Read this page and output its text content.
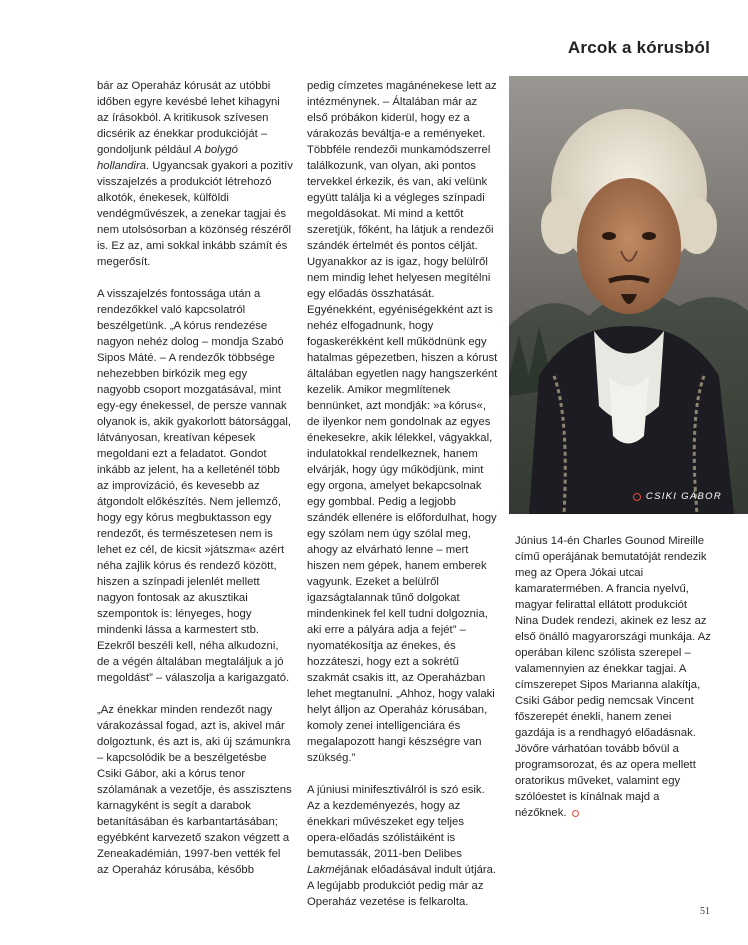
Arcok a kórusból

bár az Operaház kórusát az utóbbi időben egyre kevésbé lehet kihagyni az írásokból. A kritikusok szívesen dicsérik az énekkar produkcióját – gondoljunk például A bolygó hollandira. Ugyancsak gyakori a pozitív visszajelzés a produkciót létrehozó alkotók, énekesek, külföldi vendégművészek, a zenekar tagjai és nem utolsósorban a közönség részéről is. Ez az, ami sokkal inkább számít és megerősít.

A visszajelzés fontossága után a rendezőkkel való kapcsolatról beszélgetünk. „A kórus rendezése nagyon nehéz dolog – mondja Szabó Sipos Máté. – A rendezők többsége nehezebben birkózik meg egy nagyobb csoport mozgatásával, mint egy-egy énekessel, de persze vannak olyanok is, akik gyakorlott bátorsággal, látványosan, kreatívan képesek megoldani ezt a feladatot. Gondot inkább az jelent, ha a kelleténél több az improvizáció, és kevesebb az átgondolt előkészítés. Nem jellemző, hogy egy kórus megbuktasson egy rendezőt, és természetesen nem is lehet ez cél, de kicsit »játszma« azért néha zajlik kórus és rendező között, hiszen a színpadi jelenlét mellett nagyon fontosak az akusztikai szempontok is: lényeges, hogy mindenki lássa a karmestert stb. Ezekről beszéli kell, néha alkudozni, de a végén általában megtaláljuk a jó megoldást” – válaszolja a karigazgató.

„Az énekkar minden rendezőt nagy várakozással fogad, azt is, akivel már dolgoztunk, és azt is, aki új számunkra – kapcsolódik be a beszélgetésbe Csiki Gábor, aki a kórus tenor szólamának a vezetője, és asszisztens karnagyként is segít a darabok betanításában és karbantartásában; egyébként karvezető szakon végzett a Zeneakadémián, 1997-ben vették fel az Operaház kórusába, később

pedig címzetes magánénekese lett az intézménynek. – Általában már az első próbákon kiderül, hogy ez a várakozás beváltja-e a reményeket. Többféle rendezői munkamódszerrel találkozunk, van olyan, aki pontos tervekkel érkezik, és van, aki velünk együtt találja ki a végleges színpadi megoldásokat. Mi mind a kettőt szeretjük, főként, ha látjuk a rendezői szándék értelmét és pontos célját. Ugyanakkor az is igaz, hogy belülről nem mindig lehet helyesen megítélni egy előadás összhatását. Egyénekként, egyéniségekként azt is nehéz elfogadnunk, hogy fogaskerékként kell működnünk egy hatalmas gépezetben, hiszen a kórust általában egyetlen nagy hangszerként kezelik. Amikor megmlítenek bennünket, azt mondják: »a kórus«, de ilyenkor nem gondolnak az egyes énekesekre, akik lélekkel, vágyakkal, indulatokkal rendelkeznek, hanem elvárják, hogy úgy működjünk, mint egy orgona, amelyet bekapcsolnak egy gombbal. Pedig a legjobb szándék ellenére is előfordulhat, hogy egy szólam nem úgy szólal meg, ahogy az elvárható lenne – mert hiszen nem gépek, hanem emberek vagyunk. Ezeket a belülről igazságtalannak tűnő dolgokat mindenkinek fel kell tudni dolgoznia, aki erre a pályára adja a fejét” – nyomatékosítja az énekes, és hozzáteszi, hogy ezt a sokrétű szakmát csakis itt, az Operaházban lehet megtanulni. „Ahhoz, hogy valaki helyt álljon az Operaház kórusában, komoly zenei intelligenciára és megalapozott hangi készségre van szükség.”

A júniusi minifesztiválról is szó esik. Az a kezdeményezés, hogy az énekkari művészeket egy teljes opera-előadás szólistáiként is bemutassák, 2011-ben Delibes Lakméjának előadásával indult útjára. A legújabb produkciót pedig már az Operaház vezetése is felkarolta.

CSIKI GÁBOR

Június 14-én Charles Gounod Mireille című operájának bemutatóját rendezik meg az Opera Jókai utcai kamaratermében. A francia nyelvű, magyar felirattal ellátott produkciót Nina Dudek rendezi, akinek ez lesz az első önálló magyarországi munkája. Az operában kilenc szólista szerepel – valamennyien az énekkar tagjai. A címszerepet Sipos Marianna alakítja, Csiki Gábor pedig nemcsak Vincent főszerepét énekli, hanem zenei gazdája is a rendhagyó előadásnak. Jövőre várhatóan tovább bővül a programsorozat, és az opera mellett oratorikus műveket, valamint egy szólóestet is kínálnak majd a nézőknek.

51
